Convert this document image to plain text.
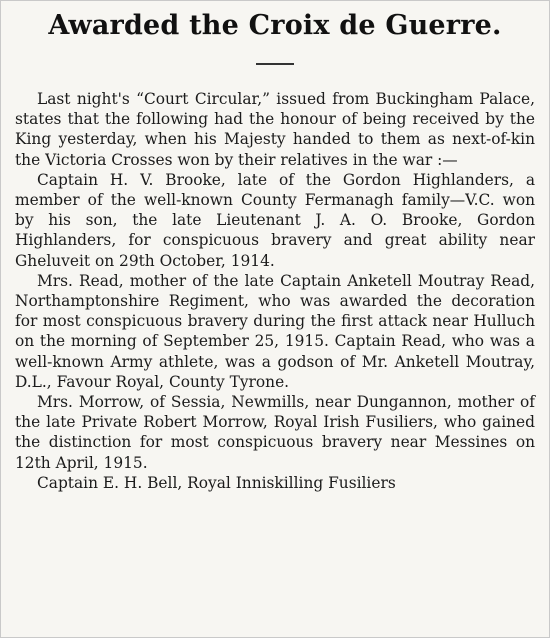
Awarded the Croix de Guerre.

Last night's “Court Circular,” issued from Buckingham Palace, states that the following had the honour of being received by the King yesterday, when his Majesty handed to them as next-of-kin the Victoria Crosses won by their relatives in the war :—

Captain H. V. Brooke, late of the Gordon Highlanders, a member of the well-known County Fermanagh family—V.C. won by his son, the late Lieutenant J. A. O. Brooke, Gordon Highlanders, for conspicuous bravery and great ability near Gheluveit on 29th October, 1914.

Mrs. Read, mother of the late Captain Anketell Moutray Read, Northamptonshire Regiment, who was awarded the decoration for most conspicuous bravery during the first attack near Hulluch on the morning of September 25, 1915. Captain Read, who was a well-known Army athlete, was a godson of Mr. Anketell Moutray, D.L., Favour Royal, County Tyrone.

Mrs. Morrow, of Sessia, Newmills, near Dungannon, mother of the late Private Robert Morrow, Royal Irish Fusiliers, who gained the distinction for most conspicuous bravery near Messines on 12th April, 1915.

Captain E. H. Bell, Royal Inniskilling Fusiliers
